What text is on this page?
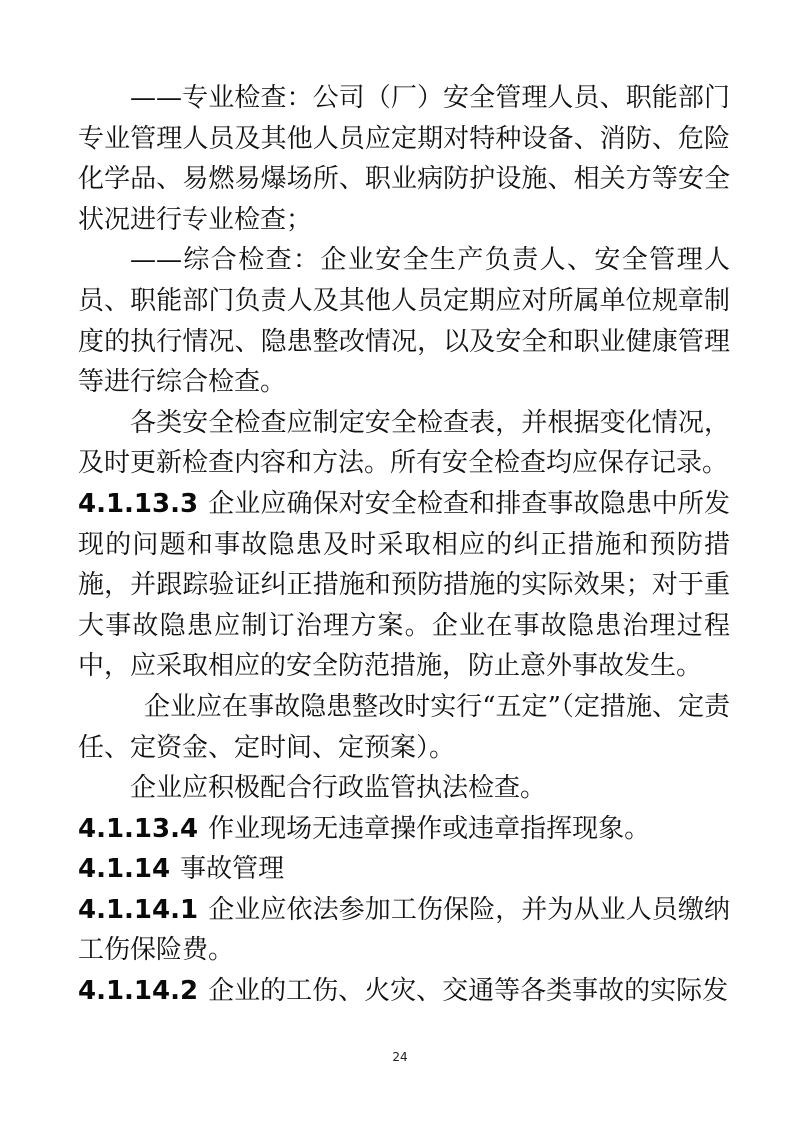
——专业检查：公司（厂）安全管理人员、职能部门专业管理人员及其他人员应定期对特种设备、消防、危险化学品、易燃易爆场所、职业病防护设施、相关方等安全状况进行专业检查；

——综合检查：企业安全生产负责人、安全管理人员、职能部门负责人及其他人员定期应对所属单位规章制度的执行情况、隐患整改情况，以及安全和职业健康管理等进行综合检查。

各类安全检查应制定安全检查表，并根据变化情况，及时更新检查内容和方法。所有安全检查均应保存记录。

4.1.13.3 企业应确保对安全检查和排查事故隐患中所发现的问题和事故隐患及时采取相应的纠正措施和预防措施，并跟踪验证纠正措施和预防措施的实际效果；对于重大事故隐患应制订治理方案。企业在事故隐患治理过程中，应采取相应的安全防范措施，防止意外事故发生。

企业应在事故隐患整改时实行“五定”（定措施、定责任、定资金、定时间、定预案）。

企业应积极配合行政监管执法检查。

4.1.13.4 作业现场无违章操作或违章指挥现象。

4.1.14 事故管理

4.1.14.1 企业应依法参加工伤保险，并为从业人员缴纳工伤保险费。

4.1.14.2 企业的工伤、火灾、交通等各类事故的实际发

24
